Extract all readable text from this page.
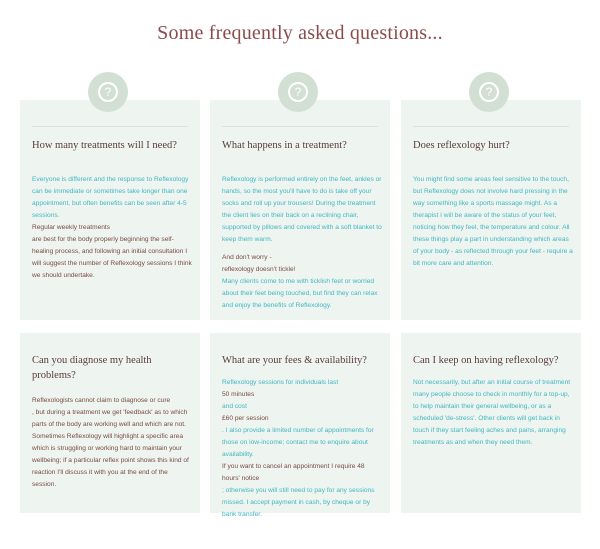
Some frequently asked questions...
How many treatments will I need?

Everyone is different and the response to Reflexology can be immediate or sometimes take longer than one appointment, but often benefits can be seen after 4-5 sessions.

Regular weekly treatments

are best for the body properly beginning the self-healing process, and following an initial consultation I will suggest the number of Reflexology sessions I think we should undertake.

What happens in a treatment?

Reflexology is performed entirely on the feet, ankles or hands, so the most you'll have to do is take off your socks and roll up your trousers! During the treatment the client lies on their back on a reclining chair, supported by pillows and covered with a soft blanket to keep them warm.

And don't worry -

reflexology doesn't tickle!

Many clients come to me with ticklish feet or worried about their feet being touched, but find they can relax and enjoy the benefits of Reflexology.

Does reflexology hurt?

You might find some areas feel sensitive to the touch, but Reflexology does not involve hard pressing in the way something like a sports massage might. As a therapist I will be aware of the status of your feet, noticing how they feel, the temperature and colour. All these things play a part in understanding which areas of your body - as reflected through your feet - require a bit more care and attention.

?	?	?
Can you diagnose my health problems?

Reflexologists cannot claim to diagnose or cure

, but during a treatment we get 'feedback' as to which parts of the body are working well and which are not. Sometimes Reflexology will highlight a specific area which is struggling or working hard to maintain your wellbeing; if a particular reflex point shows this kind of reaction I'll discuss it with you at the end of the session.

What are your fees & availability?

Reflexology sessions for individuals last

50 minutes

and cost

£60 per session

. I also provide a limited number of appointments for those on low-income; contact me to enquire about availability.

If you want to cancel an appointment I require 48 hours' notice

; otherwise you will still need to pay for any sessions missed. I accept payment in cash, by cheque or by bank transfer.

Can I keep on having reflexology?

Not necessarily, but after an initial course of treatment many people choose to check in monthly for a top-up, to help maintain their general wellbeing, or as a scheduled 'de-stress'. Other clients will get back in touch if they start feeling aches and pains, arranging treatments as and when they need them.
